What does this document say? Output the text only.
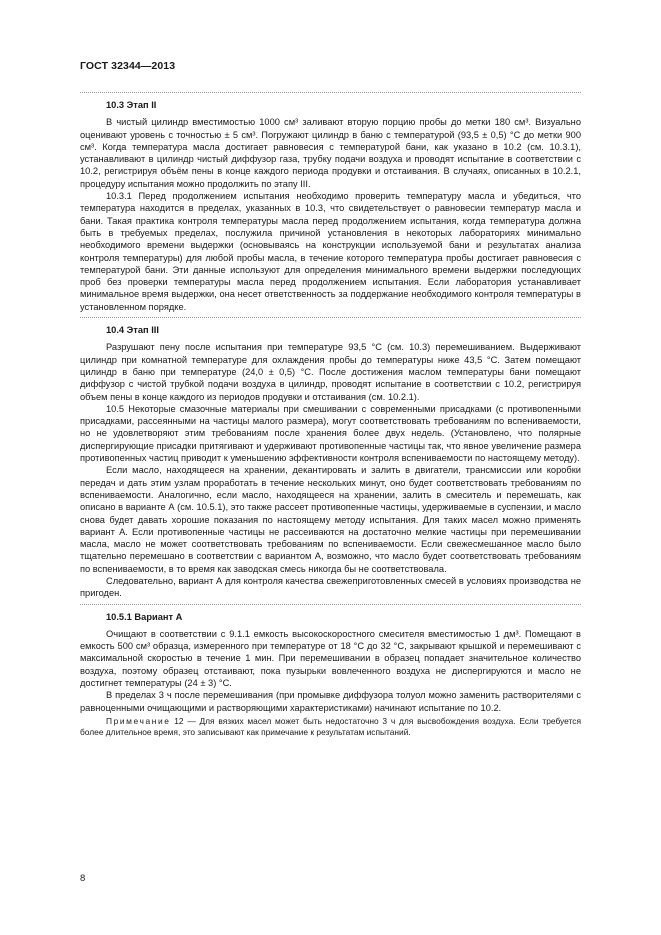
ГОСТ 32344—2013
10.3 Этап II

В чистый цилиндр вместимостью 1000 см³ заливают вторую порцию пробы до метки 180 см³. Визуально оценивают уровень с точностью ± 5 см³. Погружают цилиндр в баню с температурой (93,5 ± 0,5) °С до метки 900 см³. Когда температура масла достигает равновесия с температурой бани, как указано в 10.2 (см. 10.3.1), устанавливают в цилиндр чистый диффузор газа, трубку подачи воздуха и проводят испытание в соответствии с 10.2, регистрируя объём пены в конце каждого периода продувки и отстаивания. В случаях, описанных в 10.2.1, процедуру испытания можно продолжить по этапу III.

10.3.1 Перед продолжением испытания необходимо проверить температуру масла и убедиться, что температура находится в пределах, указанных в 10.3, что свидетельствует о равновесии температур масла и бани. Такая практика контроля температуры масла перед продолжением испытания, когда температура должна быть в требуемых пределах, послужила причиной установления в некоторых лабораториях минимально необходимого времени выдержки (основываясь на конструкции используемой бани и результатах анализа контроля температуры) для любой пробы масла, в течение которого температура пробы достигает равновесия с температурой бани. Эти данные используют для определения минимального времени выдержки последующих проб без проверки температуры масла перед продолжением испытания. Если лаборатория устанавливает минимальное время выдержки, она несет ответственность за поддержание необходимого контроля температуры в установленном порядке.

10.4 Этап III

Разрушают пену после испытания при температуре 93,5 °С (см. 10.3) перемешиванием. Выдерживают цилиндр при комнатной температуре для охлаждения пробы до температуры ниже 43,5 °С. Затем помещают цилиндр в баню при температуре (24,0 ± 0,5) °С. После достижения маслом температуры бани помещают диффузор с чистой трубкой подачи воздуха в цилиндр, проводят испытание в соответствии с 10.2, регистрируя объем пены в конце каждого из периодов продувки и отстаивания (см. 10.2.1).

10.5 Некоторые смазочные материалы при смешивании с современными присадками (с противопенными присадками, рассеянными на частицы малого размера), могут соответствовать требованиям по вспениваемости, но не удовлетворяют этим требованиям после хранения более двух недель. (Установлено, что полярные диспергирующие присадки притягивают и удерживают противопенные частицы так, что явное увеличение размера противопенных частиц приводит к уменьшению эффективности контроля вспениваемости по настоящему методу).

Если масло, находящееся на хранении, декантировать и залить в двигатели, трансмиссии или коробки передач и дать этим узлам проработать в течение нескольких минут, оно будет соответствовать требованиям по вспениваемости. Аналогично, если масло, находящееся на хранении, залить в смеситель и перемешать, как описано в варианте А (см. 10.5.1), это также рассеет противопенные частицы, удерживаемые в суспензии, и масло снова будет давать хорошие показания по настоящему методу испытания. Для таких масел можно применять вариант А. Если противопенные частицы не рассеиваются на достаточно мелкие частицы при перемешивании масла, масло не может соответствовать требованиям по вспениваемости. Если свежесмешанное масло было тщательно перемешано в соответствии с вариантом А, возможно, что масло будет соответствовать требованиям по вспениваемости, в то время как заводская смесь никогда бы не соответствовала.

Следовательно, вариант А для контроля качества свежеприготовленных смесей в условиях производства не пригоден.

10.5.1 Вариант А

Очищают в соответствии с 9.1.1 емкость высокоскоростного смесителя вместимостью 1 дм³. Помещают в емкость 500 см³ образца, измеренного при температуре от 18 °С до 32 °С, закрывают крышкой и перемешивают с максимальной скоростью в течение 1 мин. При перемешивании в образец попадает значительное количество воздуха, поэтому образец отстаивают, пока пузырьки вовлеченного воздуха не диспергируются и масло не достигнет температуры (24 ± 3) °С.

В пределах 3 ч после перемешивания (при промывке диффузора толуол можно заменить растворителями с равноценными очищающими и растворяющими характеристиками) начинают испытание по 10.2.

Примечание 12 — Для вязких масел может быть недостаточно 3 ч для высвобождения воздуха. Если требуется более длительное время, это записывают как примечание к результатам испытаний.

8
